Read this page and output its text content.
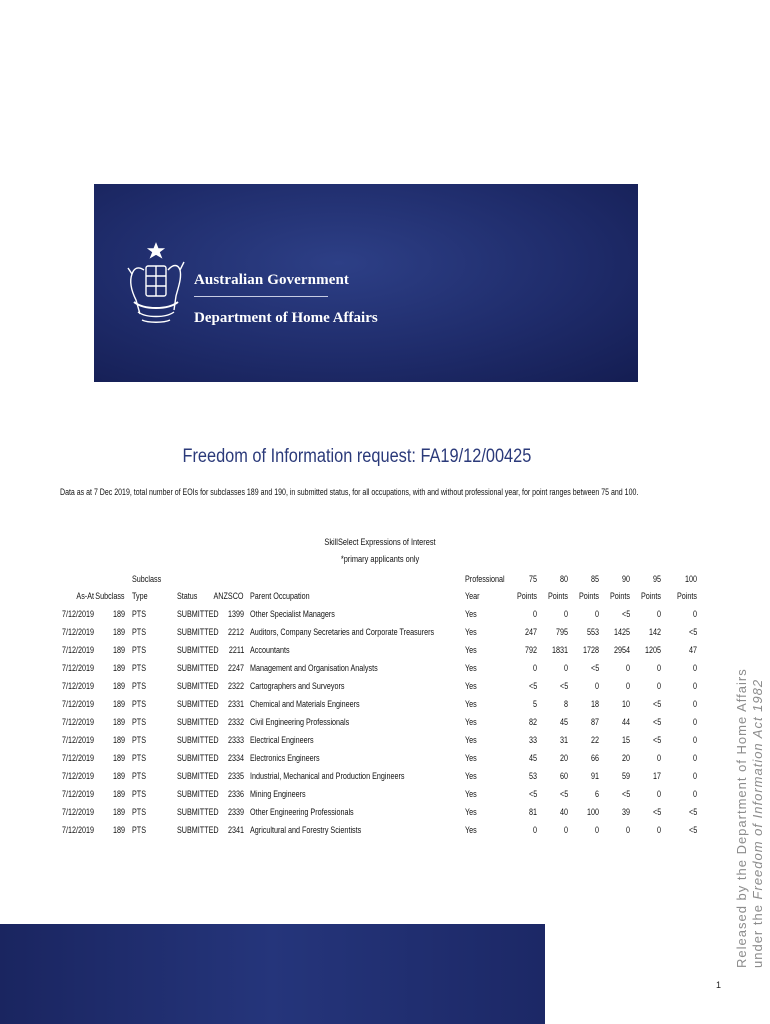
Australian Government
Department of Home Affairs
Freedom of Information request: FA19/12/00425
Data as at 7 Dec 2019, total number of EOIs for subclasses 189 and 190, in submitted status, for all occupations, with and without professional year, for point ranges between 75 and 100.
SkillSelect Expressions of Interest
*primary applicants only
Subclass	Professional	75	80	85	90	95	100
As-At Subclass Type	Status ANZSCO Parent Occupation	Year	Points Points Points Points Points Points
7/12/2019 189 PTS	SUBMITTED 1399 Other Specialist Managers	Yes	0	0	0	<5	0	0
7/12/2019 189 PTS	SUBMITTED 2212 Auditors, Company Secretaries and Corporate Treasurers	Yes	247 795 553 1425 142	<5
7/12/2019 189 PTS	SUBMITTED 2211 Accountants	Yes	792 1831 1728 2954 1205	47
7/12/2019 189 PTS	SUBMITTED 2247 Management and Organisation Analysts	Yes	0	0	<5	0	0	0
7/12/2019 189 PTS	SUBMITTED 2322 Cartographers and Surveyors	Yes	<5	<5	0	0	0	0
7/12/2019 189 PTS	SUBMITTED 2331 Chemical and Materials Engineers	Yes	5	8	18	10	<5	0
7/12/2019 189 PTS	SUBMITTED 2332 Civil Engineering Professionals	Yes	82	45	87	44	<5	0
7/12/2019 189 PTS	SUBMITTED 2333 Electrical Engineers	Yes	33	31	22	15	<5	0
7/12/2019 189 PTS	SUBMITTED 2334 Electronics Engineers	Yes	45	20	66	20	0	0
7/12/2019 189 PTS	SUBMITTED 2335 Industrial, Mechanical and Production Engineers	Yes	53	60	91	59	17	0
7/12/2019 189 PTS	SUBMITTED 2336 Mining Engineers	Yes	<5	<5	6	<5	0	0
7/12/2019 189 PTS	SUBMITTED 2339 Other Engineering Professionals	Yes	81	40 100	39	<5	<5
7/12/2019 189 PTS	SUBMITTED 2341 Agricultural and Forestry Scientists	Yes	0	0	0	0	0	<5	Released by the Department of Home Affairs under the Freedom of Information Act 1982
1
